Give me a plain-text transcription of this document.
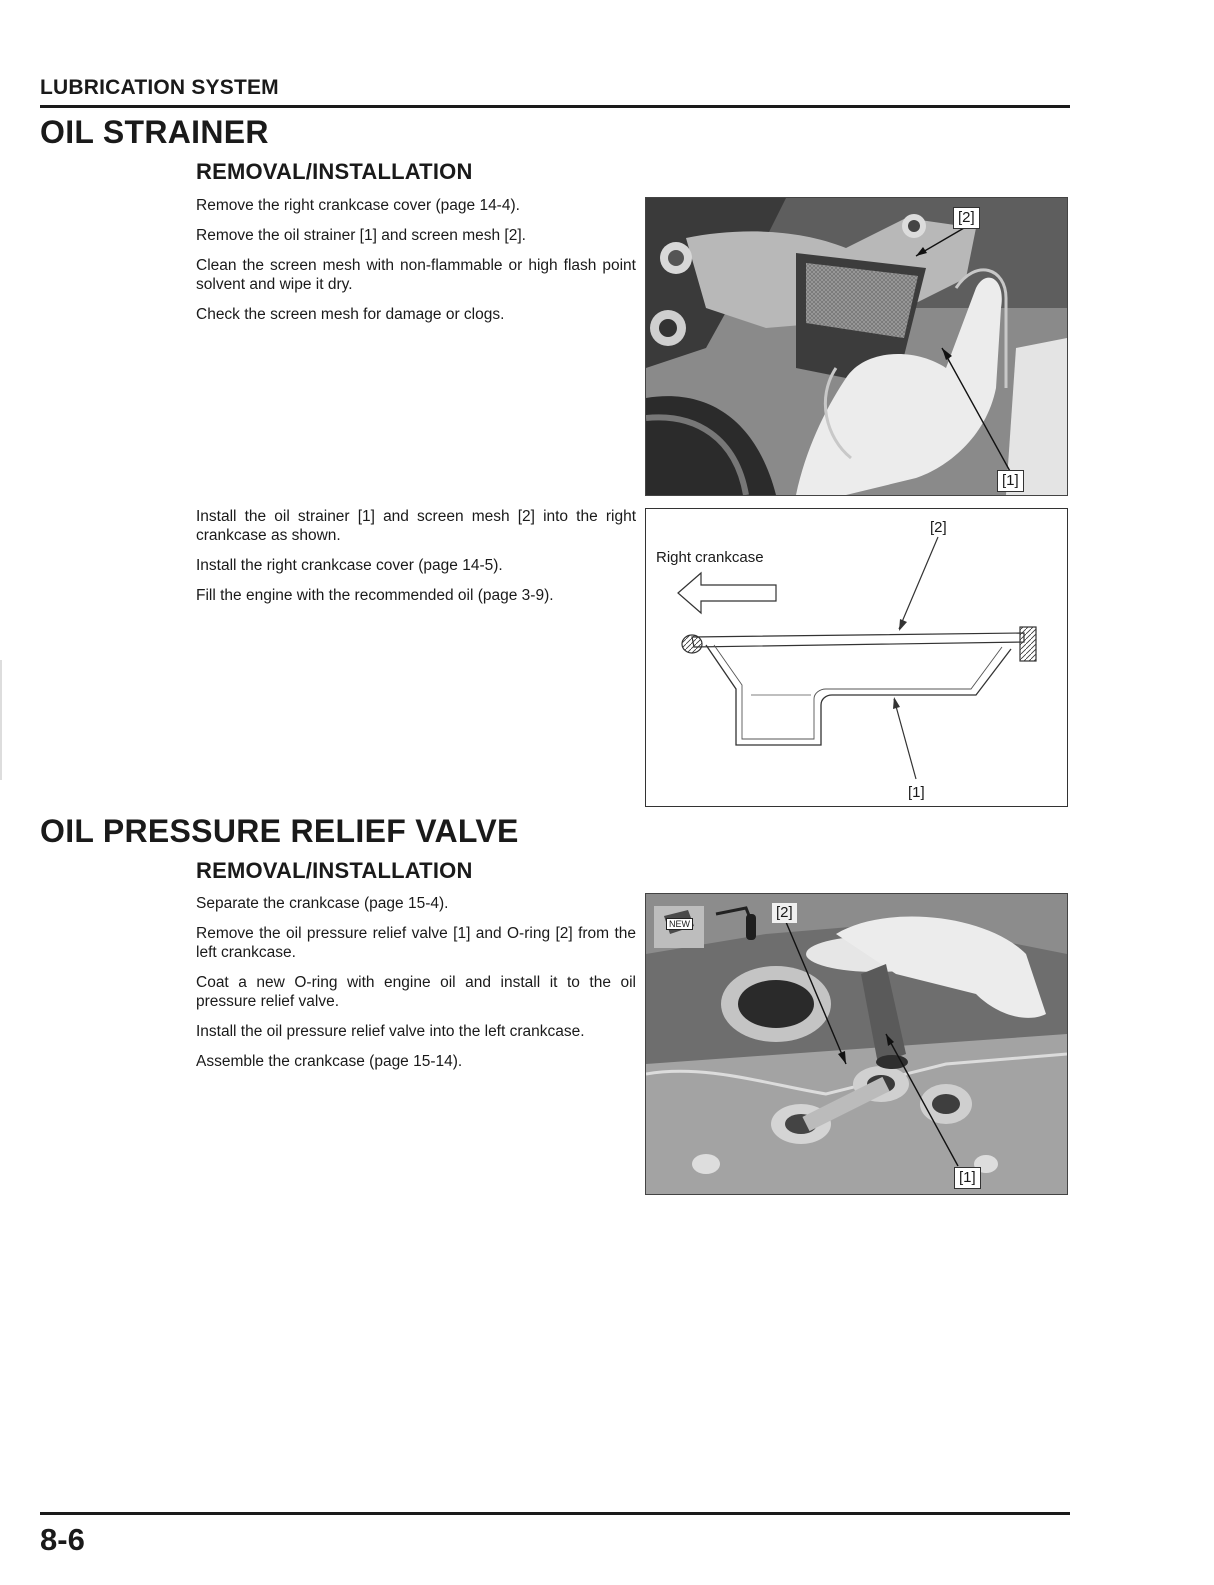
LUBRICATION SYSTEM
OIL STRAINER
REMOVAL/INSTALLATION

Remove the right crankcase cover (page 14-4).

Remove the oil strainer [1] and screen mesh [2].

Clean the screen mesh with non-flammable or high flash point solvent and wipe it dry.

Check the screen mesh for damage or clogs.

[2]
[1]

Install the oil strainer [1] and screen mesh [2] into the right crankcase as shown.

Install the right crankcase cover (page 14-5).

Fill the engine with the recommended oil (page 3-9).

Right crankcase
[2]
[1]
OIL PRESSURE RELIEF VALVE
REMOVAL/INSTALLATION

Separate the crankcase (page 15-4).

Remove the oil pressure relief valve [1] and O-ring [2] from the left crankcase.

Coat a new O-ring with engine oil and install it to the oil pressure relief valve.

Install the oil pressure relief valve into the left crankcase.

Assemble the crankcase (page 15-14).

[2]
[1]
NEW
8-6
